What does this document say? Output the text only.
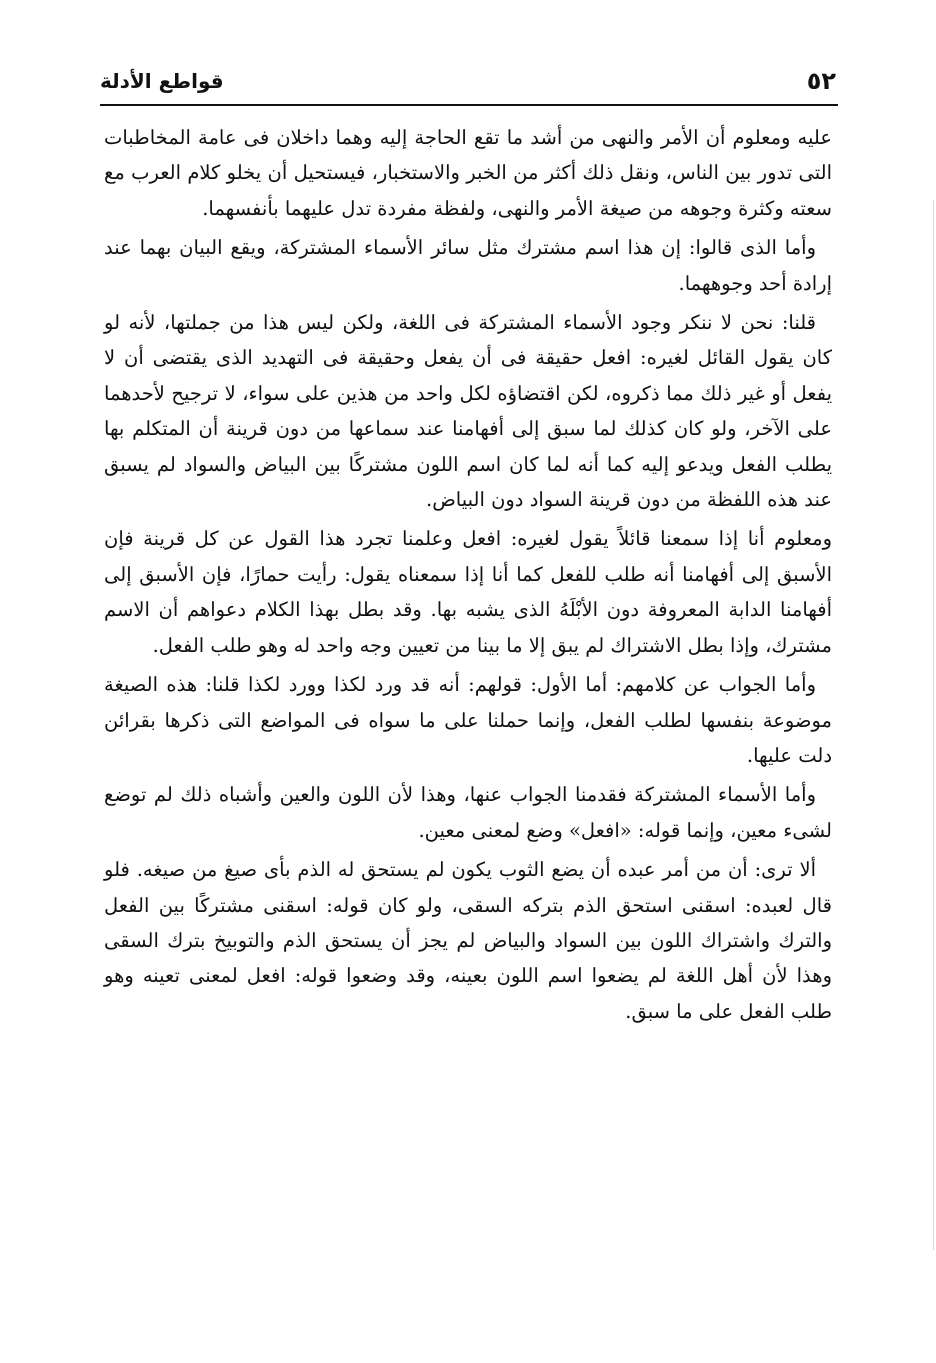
٥٢
قواطع الأدلة

عليه ومعلوم أن الأمر والنهى من أشد ما تقع الحاجة إليه وهما داخلان فى عامة المخاطبات التى تدور بين الناس، ونقل ذلك أكثر من الخبر والاستخبار، فيستحيل أن يخلو كلام العرب مع سعته وكثرة وجوهه من صيغة الأمر والنهى، ولفظة مفردة تدل عليهما بأنفسهما.

وأما الذى قالوا: إن هذا اسم مشترك مثل سائر الأسماء المشتركة، ويقع البيان بهما عند إرادة أحد وجوههما.

قلنا: نحن لا ننكر وجود الأسماء المشتركة فى اللغة، ولكن ليس هذا من جملتها، لأنه لو كان يقول القائل لغيره: افعل حقيقة فى أن يفعل وحقيقة فى التهديد الذى يقتضى أن لا يفعل أو غير ذلك مما ذكروه، لكن اقتضاؤه لكل واحد من هذين على سواء، لا ترجيح لأحدهما على الآخر، ولو كان كذلك لما سبق إلى أفهامنا عند سماعها من دون قرينة أن المتكلم بها يطلب الفعل ويدعو إليه كما أنه لما كان اسم اللون مشتركًا بين البياض والسواد لم يسبق عند هذه اللفظة من دون قرينة السواد دون البياض.

ومعلوم أنا إذا سمعنا قائلاً يقول لغيره: افعل وعلمنا تجرد هذا القول عن كل قرينة فإن الأسبق إلى أفهامنا أنه طلب للفعل كما أنا إذا سمعناه يقول: رأيت حمارًا، فإن الأسبق إلى أفهامنا الدابة المعروفة دون الأبْلَهُ الذى يشبه بها. وقد بطل بهذا الكلام دعواهم أن الاسم مشترك، وإذا بطل الاشتراك لم يبق إلا ما بينا من تعيين وجه واحد له وهو طلب الفعل.

وأما الجواب عن كلامهم: أما الأول: قولهم: أنه قد ورد لكذا وورد لكذا قلنا: هذه الصيغة موضوعة بنفسها لطلب الفعل، وإنما حملنا على ما سواه فى المواضع التى ذكرها بقرائن دلت عليها.

وأما الأسماء المشتركة فقدمنا الجواب عنها، وهذا لأن اللون والعين وأشباه ذلك لم توضع لشىء معين، وإنما قوله: «افعل» وضع لمعنى معين.

ألا ترى: أن من أمر عبده أن يضع الثوب يكون لم يستحق له الذم بأى صيغ من صيغه. فلو قال لعبده: اسقنى استحق الذم بتركه السقى، ولو كان قوله: اسقنى مشتركًا بين الفعل والترك واشتراك اللون بين السواد والبياض لم يجز أن يستحق الذم والتوبيخ بترك السقى وهذا لأن أهل اللغة لم يضعوا اسم اللون بعينه، وقد وضعوا قوله: افعل لمعنى تعينه وهو طلب الفعل على ما سبق.
